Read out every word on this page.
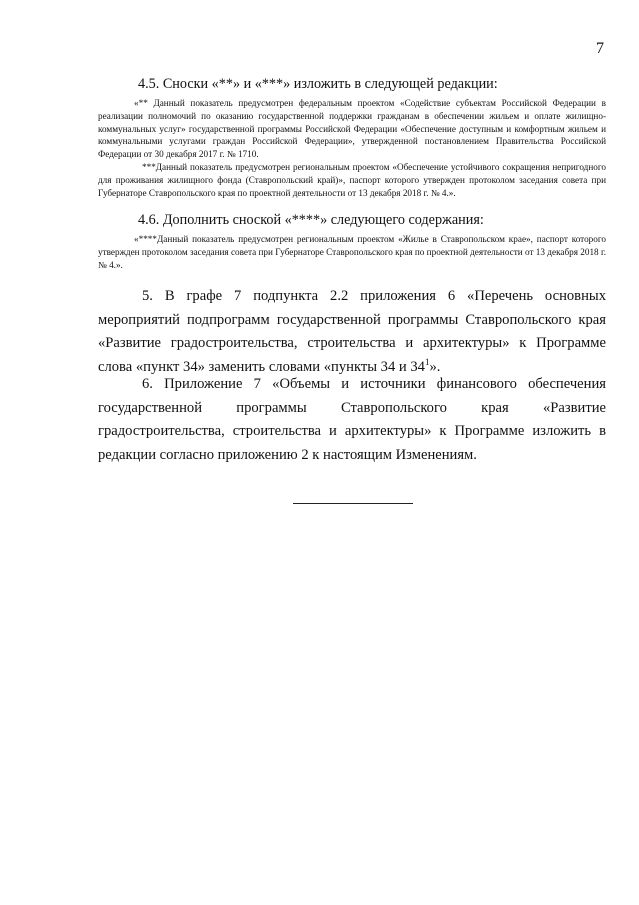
7

4.5. Сноски «**» и «***» изложить в следующей редакции:

«** Данный показатель предусмотрен федеральным проектом «Содействие субъектам Российской Федерации в реализации полномочий по оказанию государственной поддержки гражданам в обеспечении жильем и оплате жилищно-коммунальных услуг» государственной программы Российской Федерации «Обеспечение доступным и комфортным жильем и коммунальными услугами граждан Российской Федерации», утвержденной постановлением Правительства Российской Федерации от 30 декабря 2017 г. № 1710.

***Данный показатель предусмотрен региональным проектом «Обеспечение устойчивого сокращения непригодного для проживания жилищного фонда (Ставропольский край)», паспорт которого утвержден протоколом заседания совета при Губернаторе Ставропольского края по проектной деятельности от 13 декабря 2018 г. № 4.».

4.6. Дополнить сноской «****» следующего содержания:

«****Данный показатель предусмотрен региональным проектом «Жилье в Ставропольском крае», паспорт которого утвержден протоколом заседания совета при Губернаторе Ставропольского края по проектной деятельности от 13 декабря 2018 г. № 4.».

5. В графе 7 подпункта 2.2 приложения 6 «Перечень основных мероприятий подпрограмм государственной программы Ставропольского края «Развитие градостроительства, строительства и архитектуры» к Программе слова «пункт 34» заменить словами «пункты 34 и $34^1$».

6. Приложение 7 «Объемы и источники финансового обеспечения государственной программы Ставропольского края «Развитие градостроительства, строительства и архитектуры» к Программе изложить в редакции согласно приложению 2 к настоящим Изменениям.
